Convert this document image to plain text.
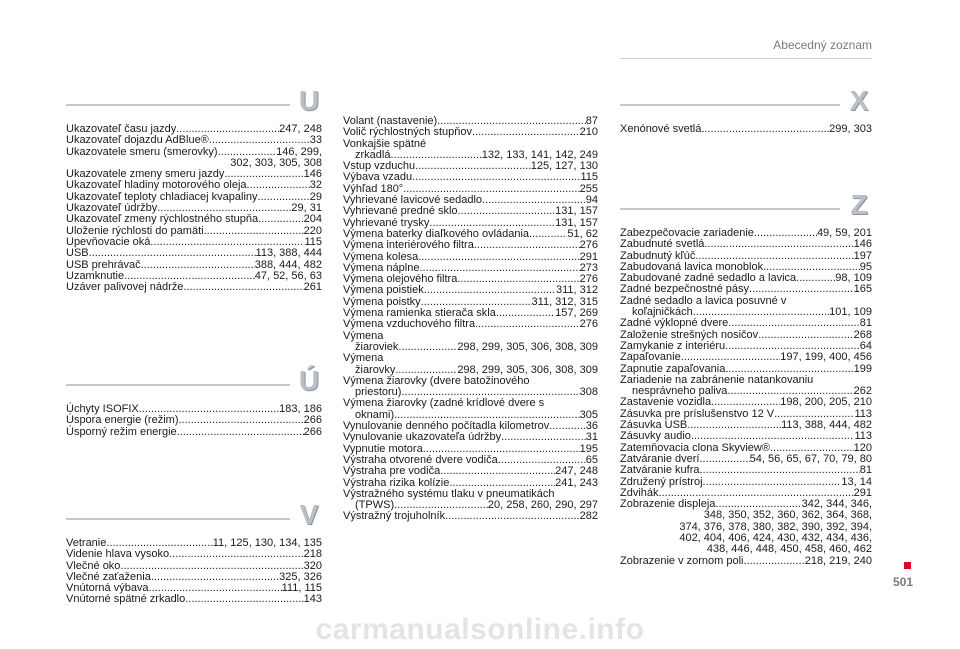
Abecedný zoznam
U
Ukazovateľ času jazdy .....	247, 248
Ukazovateľ dojazdu AdBlue® .....	33
Ukazovatele smeru (smerovky) .....	146, 299,
302, 303, 305, 308
Ukazovatele zmeny smeru jazdy .....	146
Ukazovateľ hladiny motorového oleja .....	32
Ukazovateľ teploty chladiacej kvapaliny .....	29
Ukazovateľ údržby .....	29, 31
Ukazovateľ zmeny rýchlostného stupňa .....	204
Uloženie rýchlosti do pamäti .....	220
Upevňovacie oká .....	115
USB .....	113, 388, 444
USB prehrávač .....	388, 444, 482
Uzamknutie .....	47, 52, 56, 63
Uzáver palivovej nádrže .....	261
Ú
Úchyty ISOFIX .....	183, 186
Úspora energie (režim) .....	266
Úsporný režim energie .....	266
V
Vetranie .....	11, 125, 130, 134, 135
Videnie hlava vysoko .....	218
Vlečné oko .....	320
Vlečné zaťaženia .....	325, 326
Vnútorná výbava .....	111, 115
Vnútorné spätné zrkadlo .....	143
Volant (nastavenie) .....	87
Volič rýchlostných stupňov .....	210
Vonkajšie spätné
zrkadlá .....	132, 133, 141, 142, 249
Vstup vzduchu .....	125, 127, 130
Výbava vzadu .....	115
Výhľad 180° .....	255
Vyhrievané lavicové sedadlo .....	94
Vyhrievané predné sklo .....	131, 157
Vyhrievané trysky .....	131, 157
Výmena baterky diaľkového ovládania .....	51, 62
Výmena interiérového filtra .....	276
Výmena kolesa .....	291
Výmena náplne .....	273
Výmena olejového filtra .....	276
Výmena poistiek .....	311, 312
Výmena poistky .....	311, 312, 315
Výmena ramienka stierača skla .....	157, 269
Výmena vzduchového filtra .....	276
Výmena
žiaroviek .....	298, 299, 305, 306, 308, 309
Výmena
žiarovky .....	298, 299, 305, 306, 308, 309
Výmena žiarovky (dvere batožinového
priestoru) .....	308
Výmena žiarovky (zadné krídlové dvere s
oknami) .....	305
Vynulovanie denného počítadla kilometrov .....	36
Vynulovanie ukazovateľa údržby .....	31
Vypnutie motora .....	195
Výstraha otvorené dvere vodiča .....	65
Výstraha pre vodiča .....	247, 248
Výstraha rizika kolízie .....	241, 243
Výstražného systému tlaku v pneumatikách
(TPWS) .....	20, 258, 260, 290, 297
Výstražný trojuholník .....	282
X
Xenónové svetlá .....	299, 303
Z
Zabezpečovacie zariadenie .....	49, 59, 201
Zabudnuté svetlá .....	146
Zabudnutý kľúč .....	197
Zabudovaná lavica monoblok .....	95
Zabudované zadné sedadlo a lavica .....	98, 109
Zadné bezpečnostné pásy .....	165
Zadné sedadlo a lavica posuvné v
koľajničkách .....	101, 109
Zadné výklopné dvere .....	81
Založenie strešných nosičov .....	268
Zamykanie z interiéru .....	64
Zapaľovanie .....	197, 199, 400, 456
Zapnutie zapaľovania .....	199
Zariadenie na zabránenie natankovaniu
nesprávneho paliva .....	262
Zastavenie vozidla .....	198, 200, 205, 210
Zásuvka pre príslušenstvo 12 V .....	113
Zásuvka USB .....	113, 388, 444, 482
Zásuvky audio .....	113
Zatemňovacia clona Skyview® .....	120
Zatváranie dverí .....	54, 56, 65, 67, 70, 79, 80
Zatváranie kufra .....	81
Združený prístroj .....	13, 14
Zdvihák .....	291
Zobrazenie displeja .....	342, 344, 346,
348, 350, 352, 360, 362, 364, 368,
374, 376, 378, 380, 382, 390, 392, 394,
402, 404, 406, 424, 430, 432, 434, 436,
438, 446, 448, 450, 458, 460, 462
Zobrazenie v zornom poli .....	218, 219, 240
501
carmanualsonline.info
